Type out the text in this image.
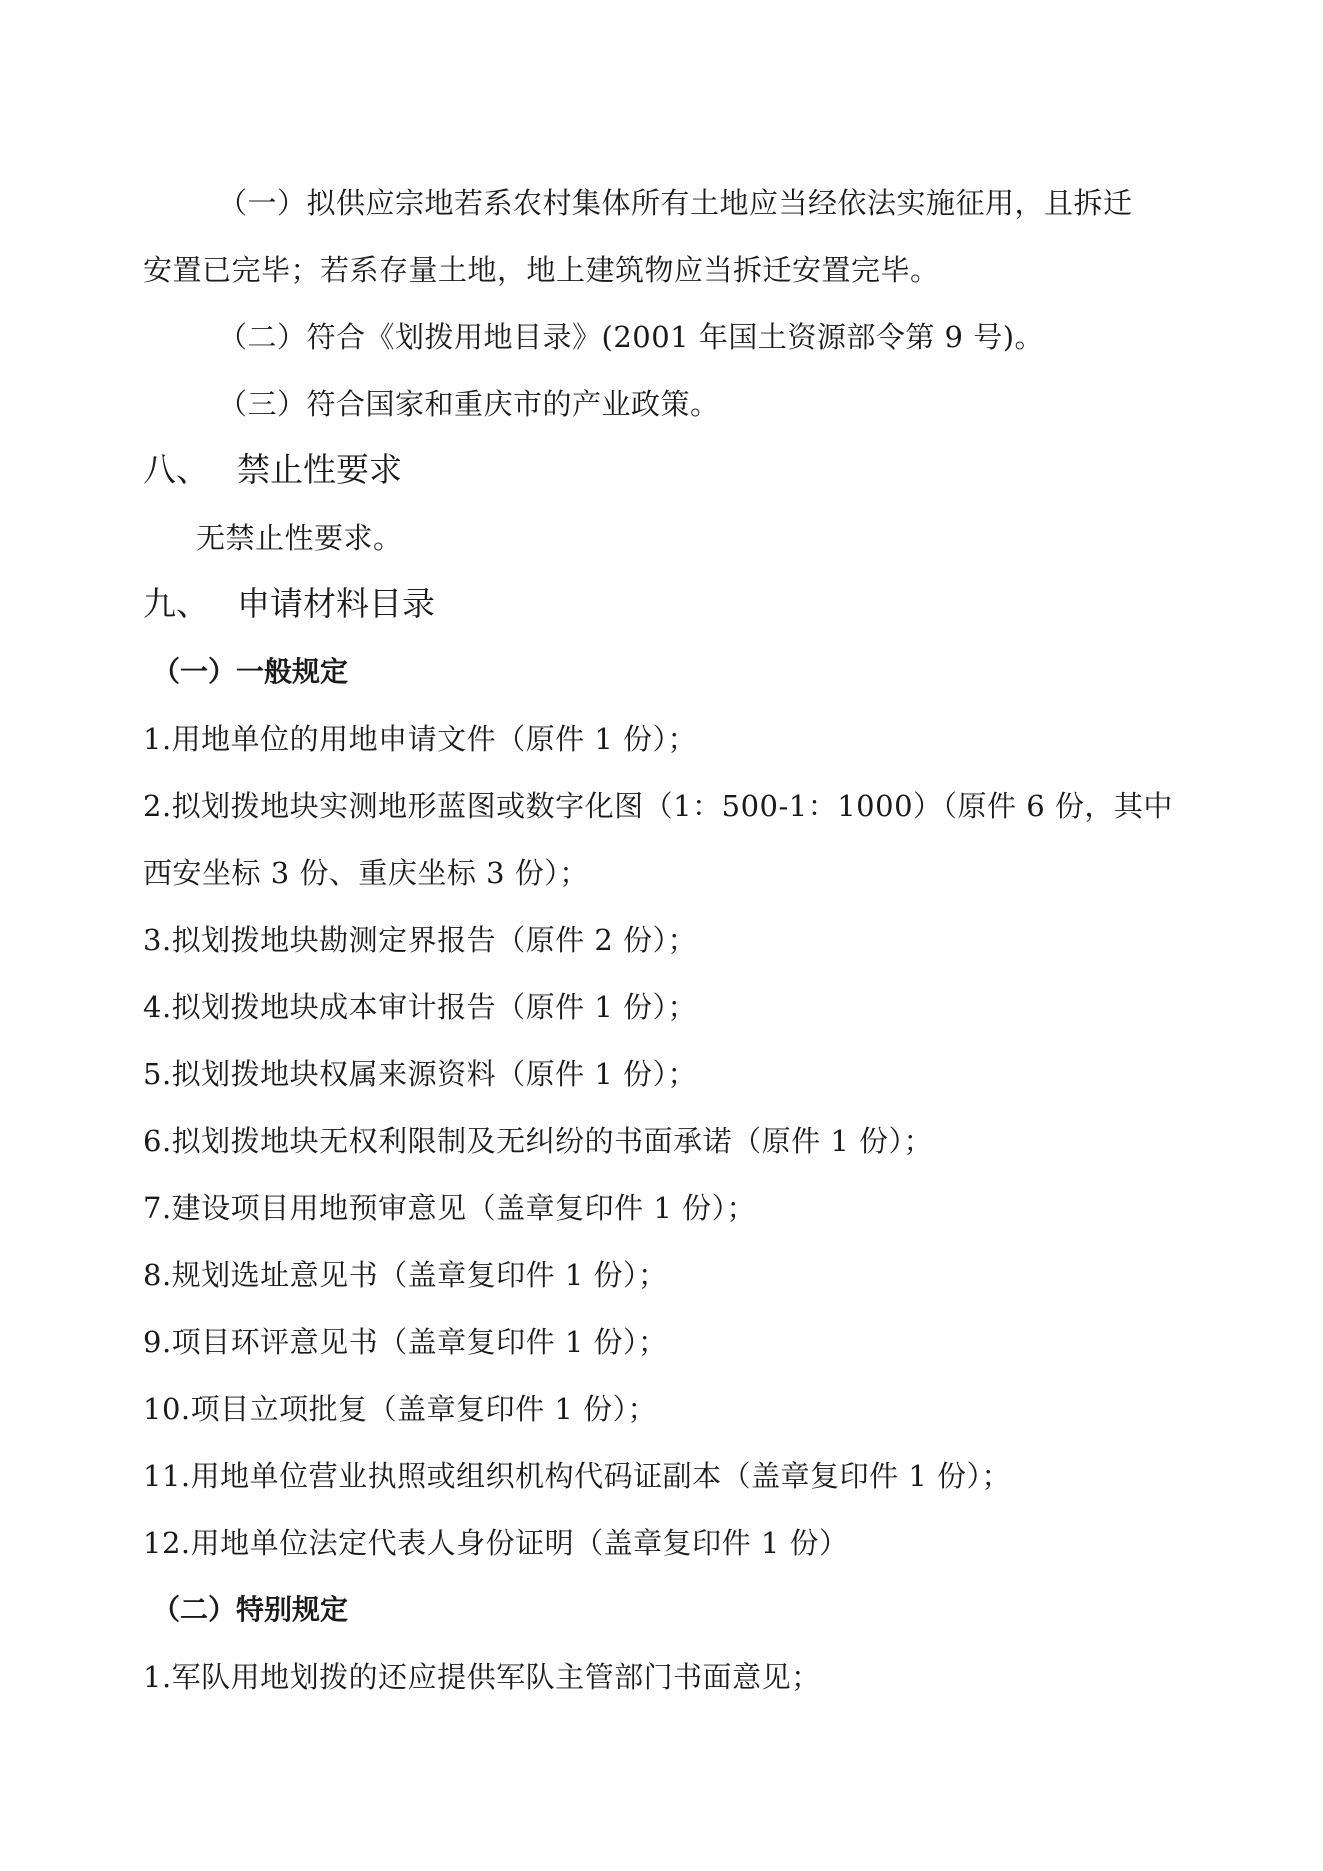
（一）拟供应宗地若系农村集体所有土地应当经依法实施征用，且拆迁

安置已完毕；若系存量土地，地上建筑物应当拆迁安置完毕。

（二）符合《划拨用地目录》(2001 年国土资源部令第 9 号)。

（三）符合国家和重庆市的产业政策。

八、 禁止性要求

无禁止性要求。

九、 申请材料目录
（一）一般规定

1.用地单位的用地申请文件（原件 1 份）；

2.拟划拨地块实测地形蓝图或数字化图（1：500-1：1000）（原件 6 份，其中

西安坐标 3 份、重庆坐标 3 份）；

3.拟划拨地块勘测定界报告（原件 2 份）；

4.拟划拨地块成本审计报告（原件 1 份）；

5.拟划拨地块权属来源资料（原件 1 份）；

6.拟划拨地块无权利限制及无纠纷的书面承诺（原件 1 份）；

7.建设项目用地预审意见（盖章复印件 1 份）；

8.规划选址意见书（盖章复印件 1 份）；

9.项目环评意见书（盖章复印件 1 份）；

10.项目立项批复（盖章复印件 1 份）；

11.用地单位营业执照或组织机构代码证副本（盖章复印件 1 份）；

12.用地单位法定代表人身份证明（盖章复印件 1 份）

（二）特别规定

1.军队用地划拨的还应提供军队主管部门书面意见；
